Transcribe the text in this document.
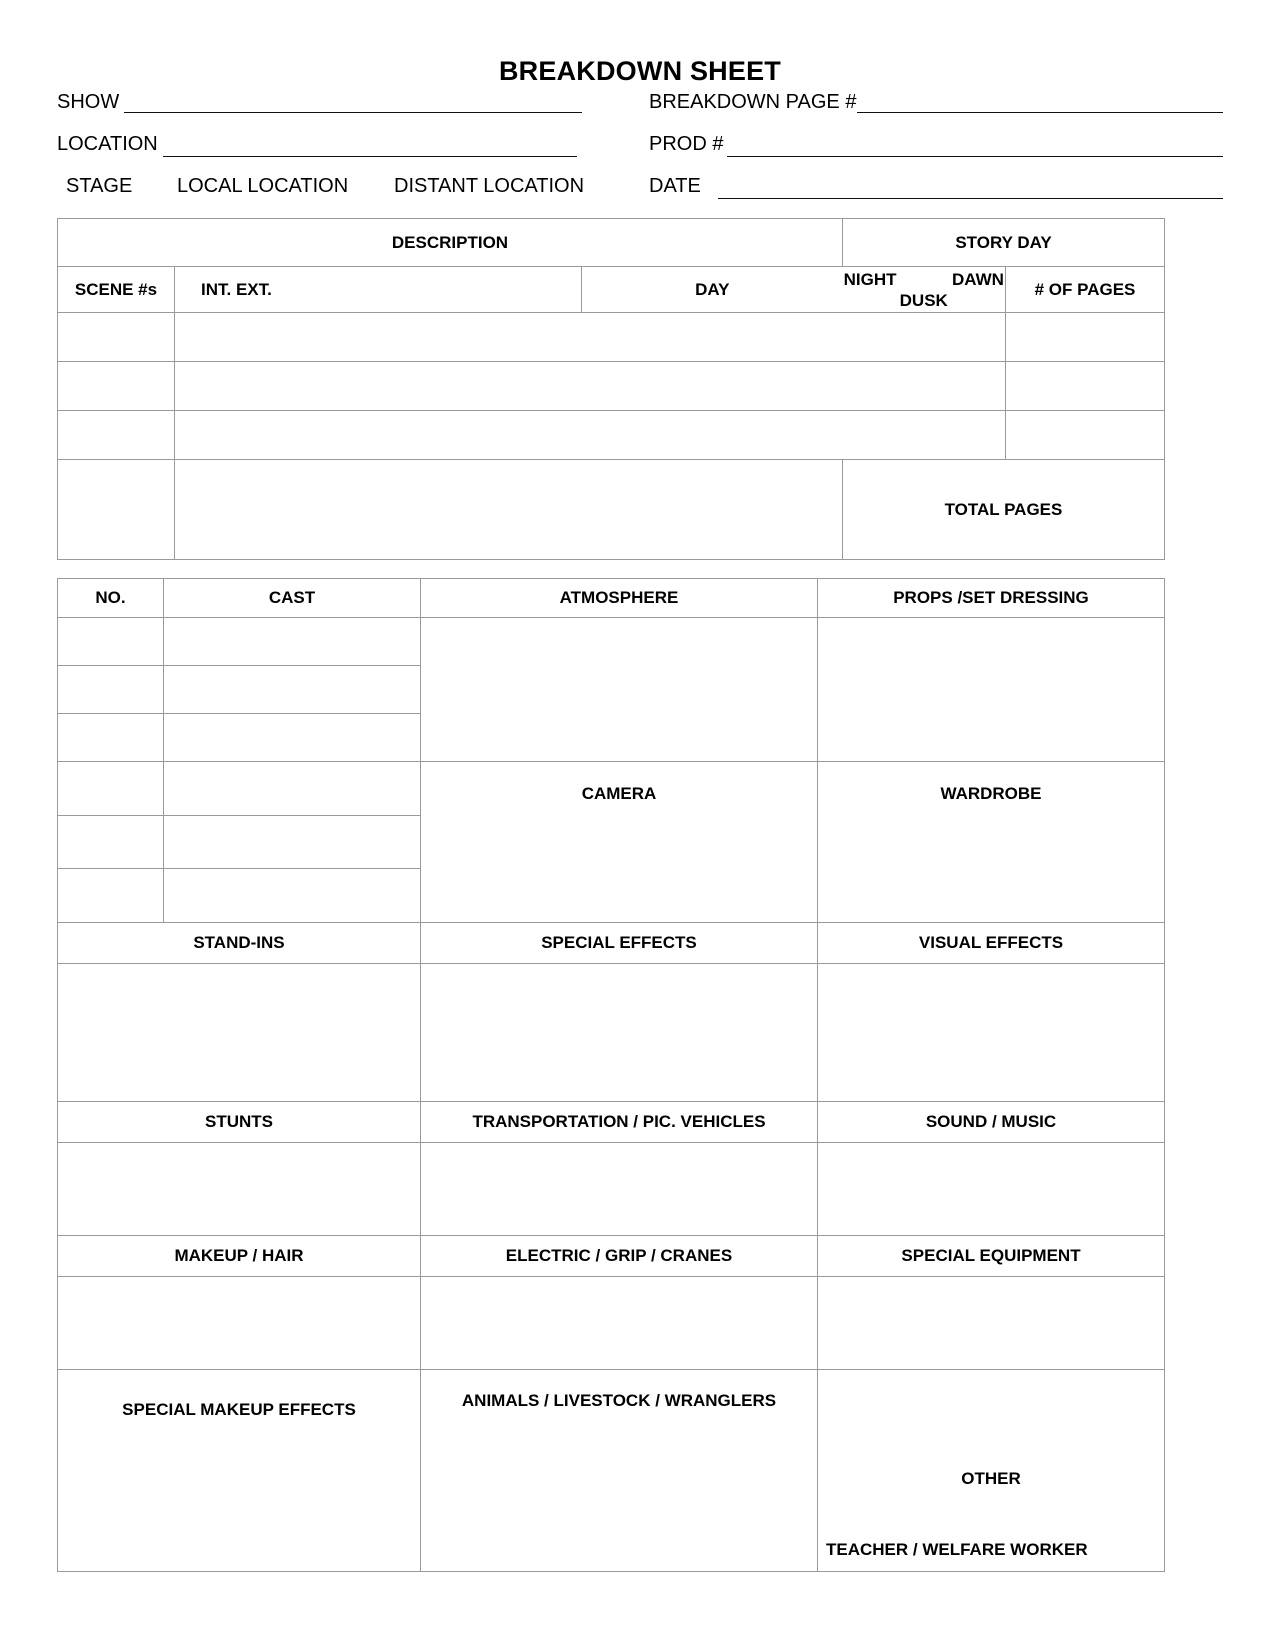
BREAKDOWN SHEET
SHOW	BREAKDOWN PAGE #
LOCATION	PROD #
STAGE LOCAL LOCATION DISTANT LOCATION	DATE
DESCRIPTION			STORY DAY	
SCENE #s	INT. EXT.	DAY	NIGHT DAWN DUSK	# OF PAGES

			TOTAL PAGES	
NO.	CAST	ATMOSPHERE	PROPS /SET DRESSING

		CAMERA	WARDROBE

STAND-INS		SPECIAL EFFECTS	VISUAL EFFECTS

STUNTS		TRANSPORTATION / PIC. VEHICLES	SOUND / MUSIC

MAKEUP / HAIR		ELECTRIC / GRIP / CRANES	SPECIAL EQUIPMENT

SPECIAL MAKEUP EFFECTS		ANIMALS / LIVESTOCK / WRANGLERS	OTHER
TEACHER / WELFARE WORKER
